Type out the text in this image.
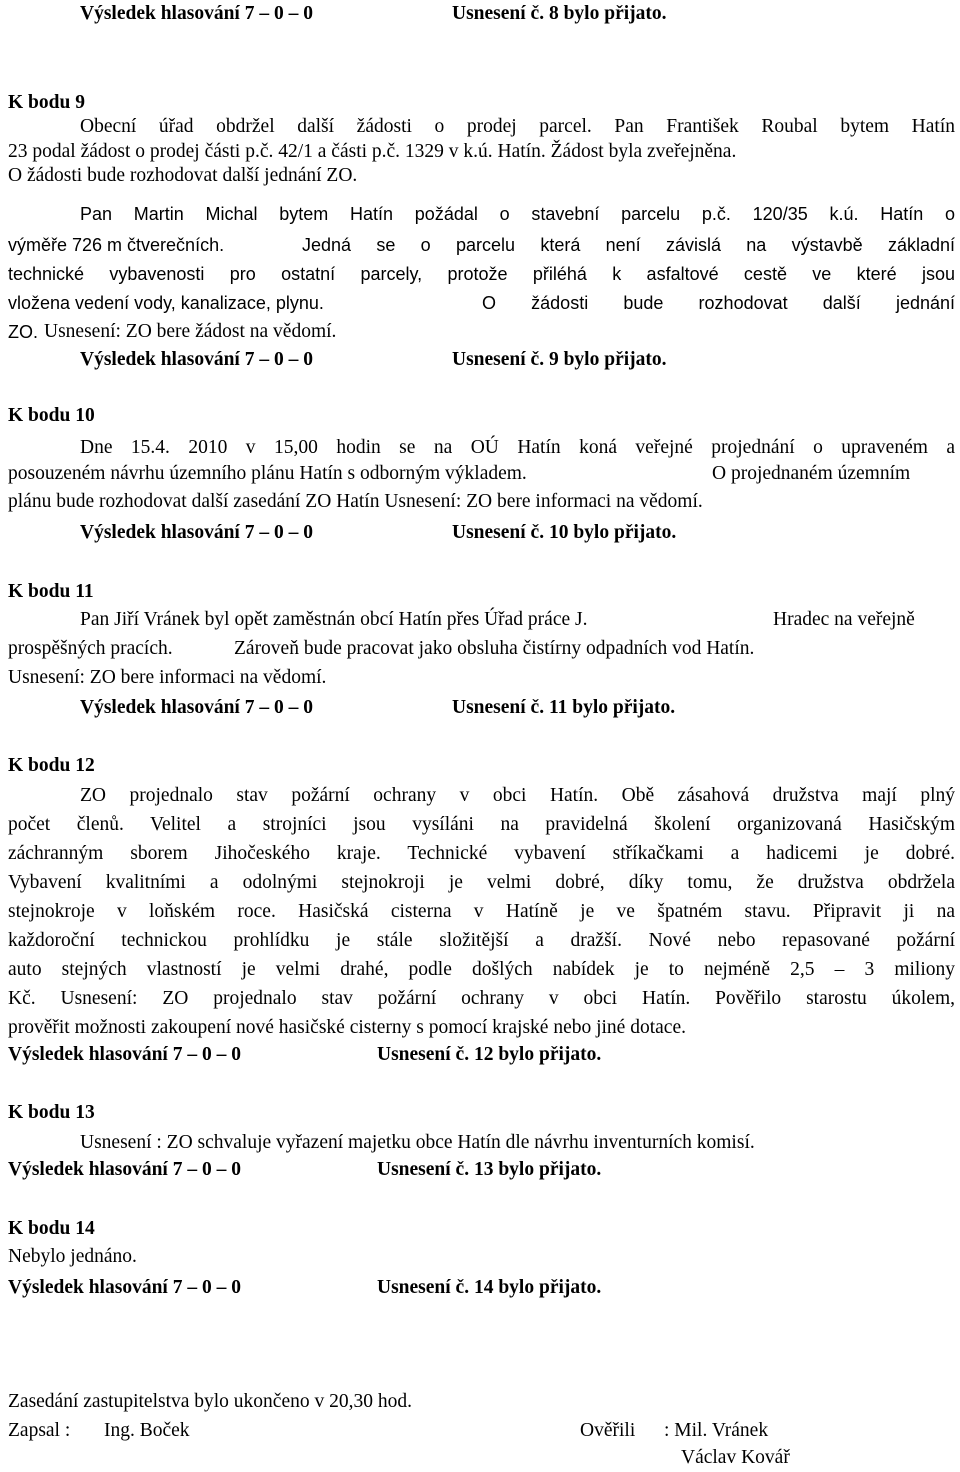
Výsledek hlasování 7 – 0 – 0	Usnesení č. 8 bylo přijato.
K bodu 9
Obecní úřad obdržel další žádosti o prodej parcel. Pan František Roubal bytem Hatín
23 podal žádost o prodej části p.č. 42/1 a části p.č. 1329 v k.ú. Hatín. Žádost byla zveřejněna.
O žádosti bude rozhodovat další jednání ZO.
Pan Martin Michal bytem Hatín požádal o stavební parcelu p.č. 120/35 k.ú. Hatín o
výměře 726 m čtverečních.	Jedná se o parcelu která není závislá na výstavbě základní
technické vybavenosti pro ostatní parcely, protože přiléhá k asfaltové cestě ve které jsou
vložena vedení vody, kanalizace, plynu.	O žádosti bude rozhodovat další jednání
ZO. Usnesení: ZO bere žádost na vědomí.
Výsledek hlasování 7 – 0 – 0	Usnesení č. 9 bylo přijato.
K bodu 10
Dne 15.4. 2010 v 15,00 hodin se na OÚ Hatín koná veřejné projednání o upraveném a
posouzeném návrhu územního plánu Hatín s odborným výkladem.	O projednaném územním
plánu bude rozhodovat další zasedání ZO Hatín Usnesení: ZO bere informaci na vědomí.
Výsledek hlasování 7 – 0 – 0	Usnesení č. 10 bylo přijato.
K bodu 11
Pan Jiří Vránek byl opět zaměstnán obcí Hatín přes Úřad práce J.	Hradec na veřejně
prospěšných pracích.	Zároveň bude pracovat jako obsluha čistírny odpadních vod Hatín.
Usnesení: ZO bere informaci na vědomí.
Výsledek hlasování 7 – 0 – 0	Usnesení č. 11 bylo přijato.
K bodu 12
ZO projednalo stav požární ochrany v obci Hatín. Obě zásahová družstva mají plný
počet členů. Velitel a strojníci jsou vysíláni na pravidelná školení organizovaná Hasičským
záchranným sborem Jihočeského kraje. Technické vybavení stříkačkami a hadicemi je dobré.
Vybavení kvalitními a odolnými stejnokroji je velmi dobré, díky tomu, že družstva obdržela
stejnokroje v loňském roce. Hasičská cisterna v Hatíně je ve špatném stavu. Připravit ji na
každoroční technickou prohlídku je stále složitější a dražší. Nové nebo repasované požární
auto stejných vlastností je velmi drahé, podle došlých nabídek je to nejméně 2,5 – 3 miliony
Kč. Usnesení: ZO projednalo stav požární ochrany v obci Hatín. Pověřilo starostu úkolem,
prověřit možnosti zakoupení nové hasičské cisterny s pomocí krajské nebo jiné dotace.
Výsledek hlasování 7 – 0 – 0	Usnesení č. 12 bylo přijato.
K bodu 13
Usnesení : ZO schvaluje vyřazení majetku obce Hatín dle návrhu inventurních komisí.
Výsledek hlasování 7 – 0 – 0	Usnesení č. 13 bylo přijato.
K bodu 14
Nebylo jednáno.
Výsledek hlasování 7 – 0 – 0	Usnesení č. 14 bylo přijato.
Zasedání zastupitelstva bylo ukončeno v 20,30 hod.
Zapsal : Ing. Boček	Ověřili : Mil. Vránek
Václav Kovář
